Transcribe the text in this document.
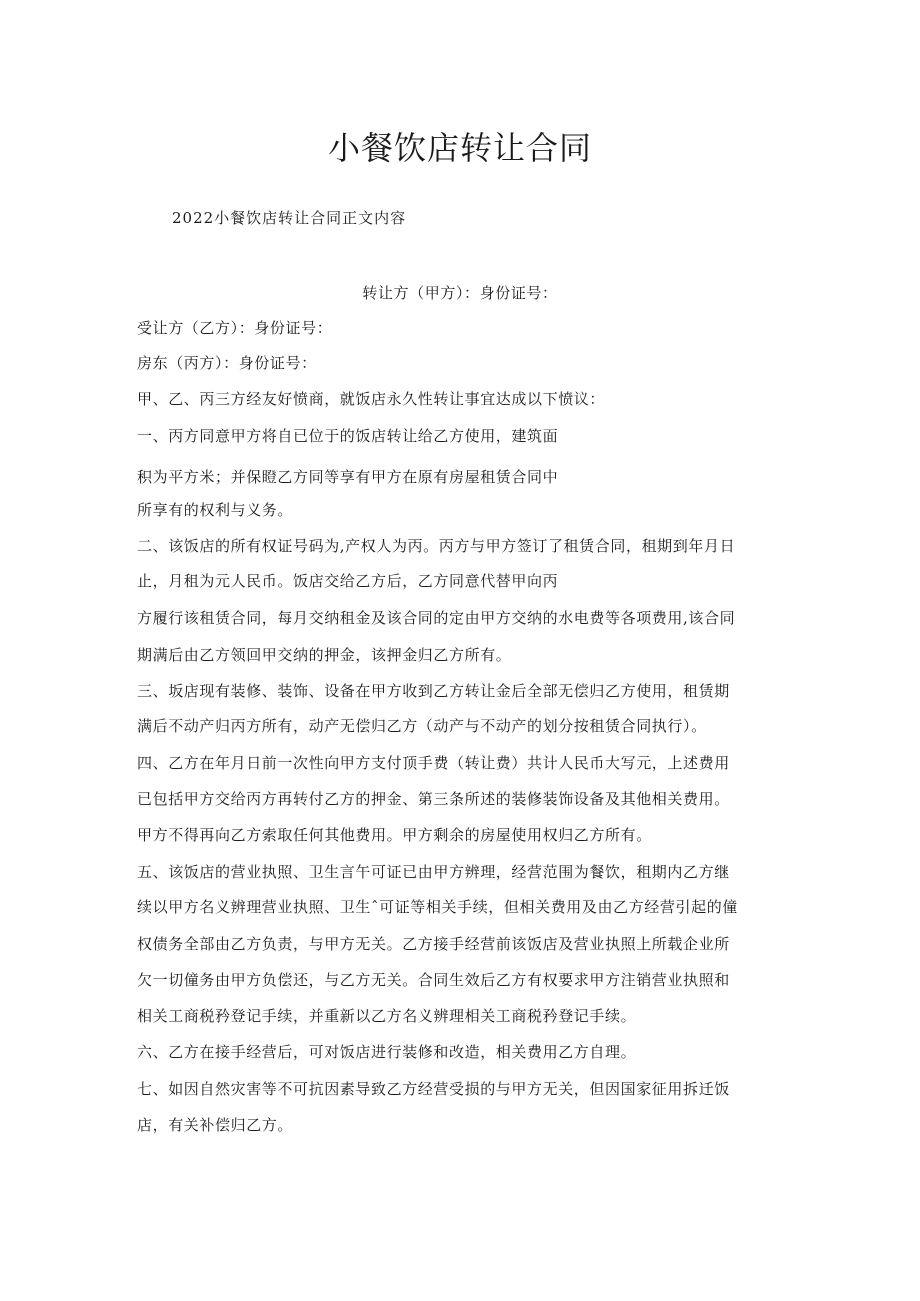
小餐饮店转让合同
2022小餐饮店转让合同正文内容
转让方（甲方）：身份证号：
受让方（乙方）：身份证号：
房东（丙方）：身份证号：
甲、乙、丙三方经友好愤商，就饭店永久性转让事宜达成以下愤议：
一、丙方同意甲方将自已位于的饭店转让给乙方使用，建筑面
积为平方米；并保瞪乙方同等享有甲方在原有房屋租赁合同中
所享有的权利与义务。
二、该饭店的所有权证号码为,产权人为丙。丙方与甲方签订了租赁合同，租期到年月日
止，月租为元人民币。饭店交给乙方后，乙方同意代替甲向丙
方履行该租赁合同，每月交纳租金及该合同的定由甲方交纳的水电费等各项费用,该合同
期满后由乙方领回甲交纳的押金，该押金归乙方所有。
三、坂店现有装修、装饰、设备在甲方收到乙方转让金后全部无偿归乙方使用，租赁期
满后不动产归丙方所有，动产无偿归乙方（动产与不动产的划分按租赁合同执行）。
四、乙方在年月日前一次性向甲方支付顶手费（转让费）共计人民币大写元，上述费用
已包括甲方交给丙方再转付乙方的押金、第三条所述的装修装饰设备及其他相关费用。
甲方不得再向乙方索取任何其他费用。甲方剩余的房屋使用权归乙方所有。
五、该饭店的营业执照、卫生言午可证已由甲方辨理，经营范围为餐饮，租期内乙方继
续以甲方名义辨理营业执照、卫生ˆ可证等相关手续，但相关费用及由乙方经营引起的僮
权债务全部由乙方负责，与甲方无关。乙方接手经营前该饭店及营业执照上所载企业所
欠一切僮务由甲方负偿还，与乙方无关。合同生效后乙方有权要求甲方注销营业执照和
相关工商税矜登记手续，并重新以乙方名义辨理相关工商税矜登记手续。
六、乙方在接手经营后，可对饭店进行装修和改造，相关费用乙方自理。
七、如因自然灾害等不可抗因素导致乙方经营受损的与甲方无关，但因国家征用拆迁饭
店，有关补偿归乙方。
